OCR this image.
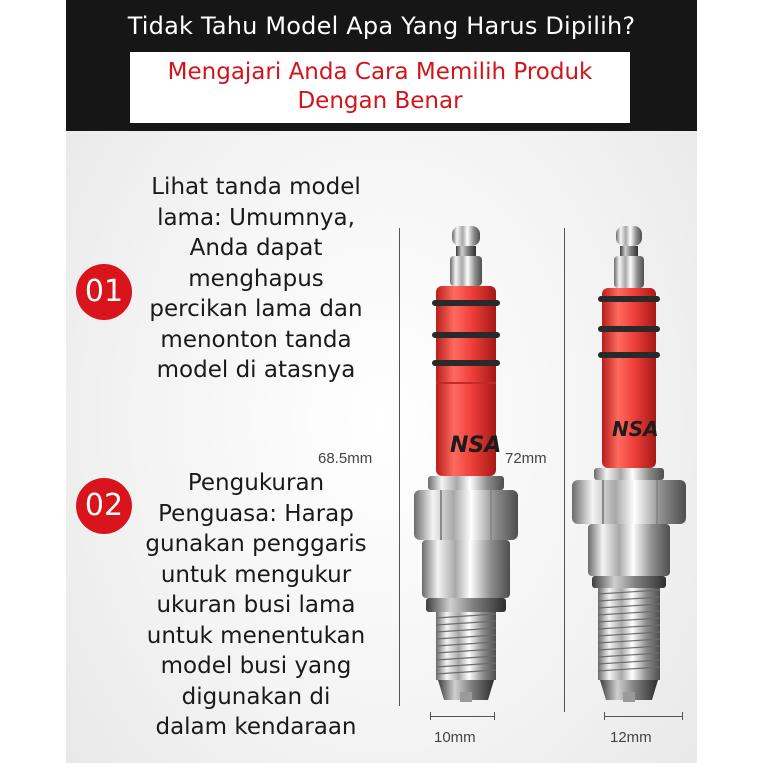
Tidak Tahu Model Apa Yang Harus Dipilih?
Mengajari Anda Cara Memilih Produk
Dengan Benar
01
Lihat tanda model
lama: Umumnya,
Anda dapat
menghapus
percikan lama dan
menonton tanda
model di atasnya
02
Pengukuran
Penguasa: Harap
gunakan penggaris
untuk mengukur
ukuran busi lama
untuk menentukan
model busi yang
digunakan di
dalam kendaraan
68.5mm
10mm
72mm
12mm
NSA
NSA
